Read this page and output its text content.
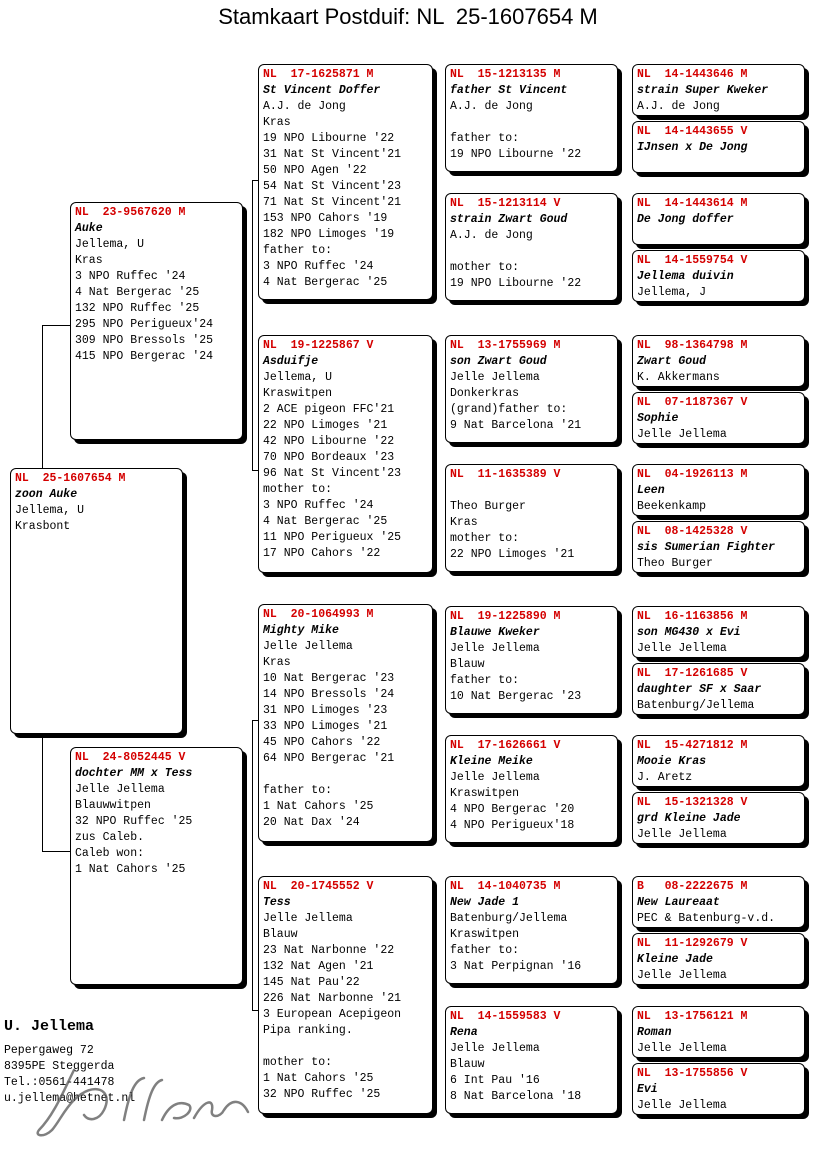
Stamkaart Postduif: NL  25-1607654 M
NL  25-1607654 M
zoon Auke
Jellema, U
Krasbont
NL  23-9567620 M
Auke
Jellema, U
Kras
3 NPO Ruffec '24
4 Nat Bergerac '25
132 NPO Ruffec '25
295 NPO Perigueux'24
309 NPO Bressols '25
415 NPO Bergerac '24
NL  24-8052445 V
dochter MM x Tess
Jelle Jellema
Blauwwitpen
32 NPO Ruffec '25
zus Caleb.
Caleb won:
1 Nat Cahors '25
NL  17-1625871 M
St Vincent Doffer
A.J. de Jong
Kras
19 NPO Libourne '22
31 Nat St Vincent'21
50 NPO Agen '22
54 Nat St Vincent'23
71 Nat St Vincent'21
153 NPO Cahors '19
182 NPO Limoges '19
father to:
3 NPO Ruffec '24
4 Nat Bergerac '25
NL  19-1225867 V
Asduifje
Jellema, U
Kraswitpen
2 ACE pigeon FFC'21
22 NPO Limoges '21
42 NPO Libourne '22
70 NPO Bordeaux '23
96 Nat St Vincent'23
mother to:
3 NPO Ruffec '24
4 Nat Bergerac '25
11 NPO Perigueux '25
17 NPO Cahors '22
NL  20-1064993 M
Mighty Mike
Jelle Jellema
Kras
10 Nat Bergerac '23
14 NPO Bressols '24
31 NPO Limoges '23
33 NPO Limoges '21
45 NPO Cahors '22
64 NPO Bergerac '21
father to:
1 Nat Cahors '25
20 Nat Dax '24
NL  20-1745552 V
Tess
Jelle Jellema
Blauw
23 Nat Narbonne '22
132 Nat Agen '21
145 Nat Pau'22
226 Nat Narbonne '21
3 European Acepigeon
Pipa ranking.
mother to:
1 Nat Cahors '25
32 NPO Ruffec '25
NL  15-1213135 M
father St Vincent
A.J. de Jong
father to:
19 NPO Libourne '22
NL  15-1213114 V
strain Zwart Goud
A.J. de Jong
mother to:
19 NPO Libourne '22
NL  13-1755969 M
son Zwart Goud
Jelle Jellema
Donkerkras
(grand)father to:
9 Nat Barcelona '21
NL  11-1635389 V
Theo Burger
Kras
mother to:
22 NPO Limoges '21
NL  19-1225890 M
Blauwe Kweker
Jelle Jellema
Blauw
father to:
10 Nat Bergerac '23
NL  17-1626661 V
Kleine Meike
Jelle Jellema
Kraswitpen
4 NPO Bergerac '20
4 NPO Perigueux'18
NL  14-1040735 M
New Jade 1
Batenburg/Jellema
Kraswitpen
father to:
3 Nat Perpignan '16
NL  14-1559583 V
Rena
Jelle Jellema
Blauw
6 Int Pau '16
8 Nat Barcelona '18
NL  14-1443646 M
strain Super Kweker
A.J. de Jong
NL  14-1443655 V
IJnsen x De Jong
NL  14-1443614 M
De Jong doffer
NL  14-1559754 V
Jellema duivin
Jellema, J
NL  98-1364798 M
Zwart Goud
K. Akkermans
NL  07-1187367 V
Sophie
Jelle Jellema
NL  04-1926113 M
Leen
Beekenkamp
NL  08-1425328 V
sis Sumerian Fighter
Theo Burger
NL  16-1163856 M
son MG430 x Evi
Jelle Jellema
NL  17-1261685 V
daughter SF x Saar
Batenburg/Jellema
NL  15-4271812 M
Mooie Kras
J. Aretz
NL  15-1321328 V
grd Kleine Jade
Jelle Jellema
B   08-2222675 M
New Laureaat
PEC & Batenburg-v.d.
NL  11-1292679 V
Kleine Jade
Jelle Jellema
NL  13-1756121 M
Roman
Jelle Jellema
NL  13-1755856 V
Evi
Jelle Jellema
U. Jellema
Pepergaweg 72
8395PE Steggerda
Tel.:0561-441478
u.jellema@hetnet.nl
